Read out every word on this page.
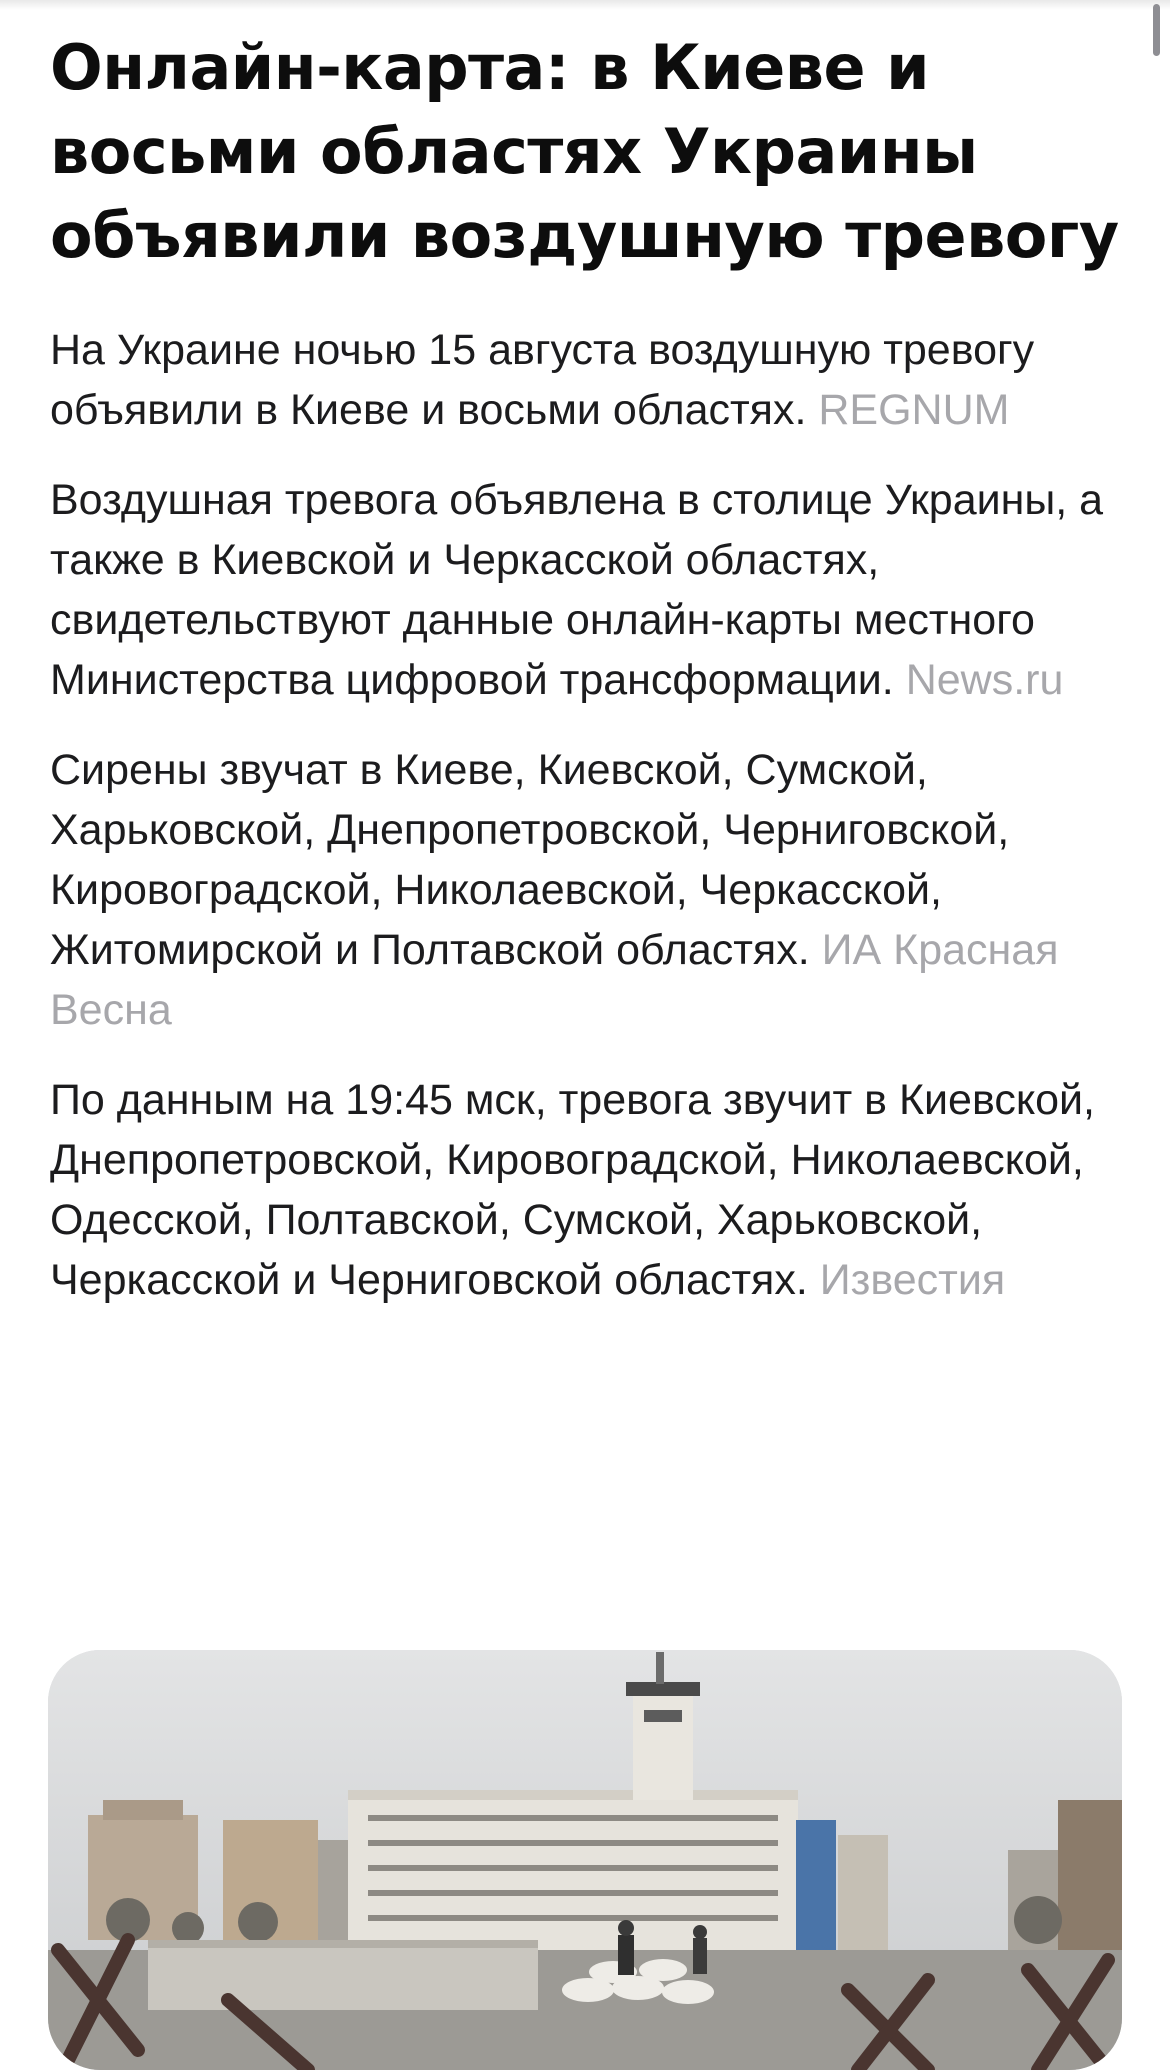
Онлайн-карта: в Киеве и восьми областях Украины объявили воздушную тревогу

На Украине ночью 15 августа воздушную тревогу объявили в Киеве и восьми областях. REGNUM

Воздушная тревога объявлена в столице Украины, а также в Киевской и Черкасской областях, свидетельствуют данные онлайн-карты местного Министерства цифровой трансформации. News.ru

Сирены звучат в Киеве, Киевской, Сумской, Харьковской, Днепропетровской, Черниговской, Кировоградской, Николаевской, Черкасской, Житомирской и Полтавской областях. ИА Красная Весна

По данным на 19:45 мск, тревога звучит в Киевской, Днепропетровской, Кировоградской, Николаевской, Одесской, Полтавской, Сумской, Харьковской, Черкасской и Черниговской областях. Известия
